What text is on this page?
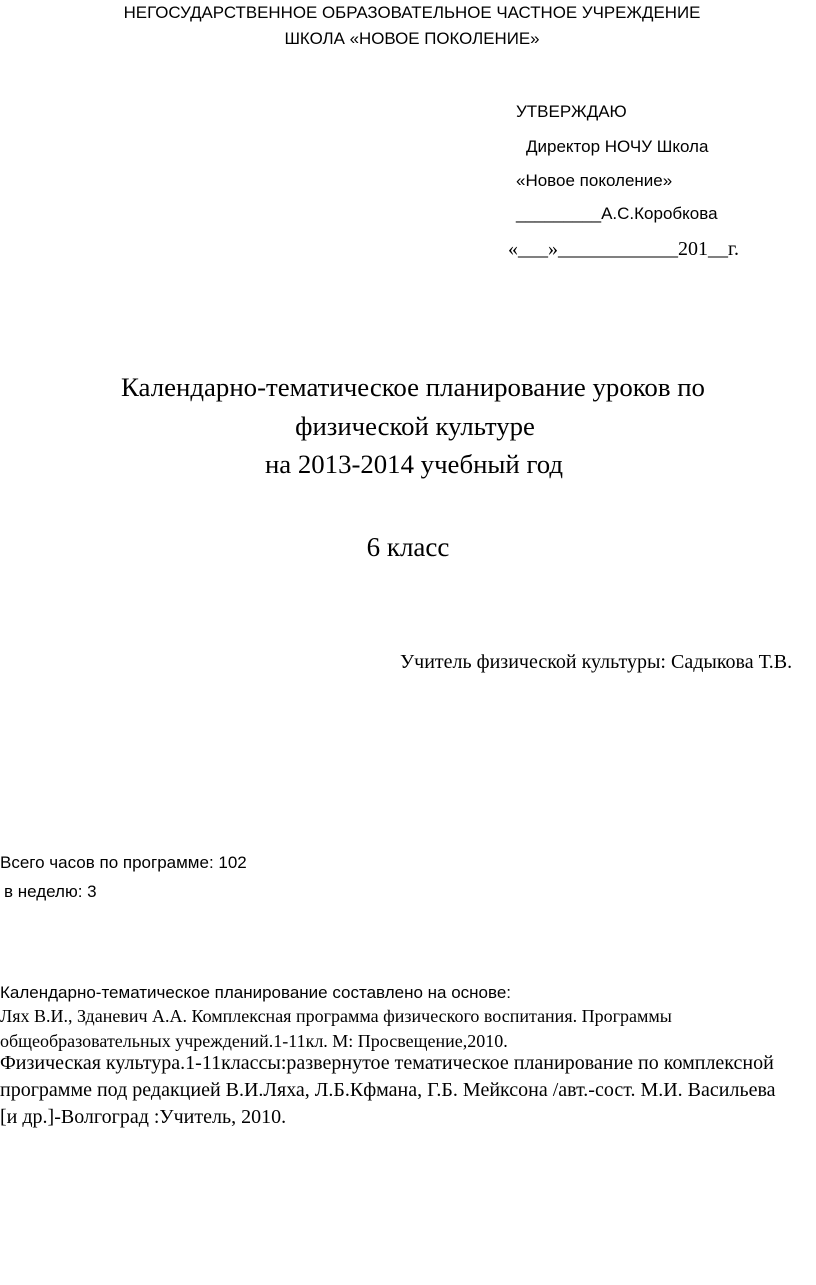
НЕГОСУДАРСТВЕННОЕ ОБРАЗОВАТЕЛЬНОЕ ЧАСТНОЕ УЧРЕЖДЕНИЕ
ШКОЛА «НОВОЕ ПОКОЛЕНИЕ»
УТВЕРЖДАЮ
Директор НОЧУ Школа
«Новое поколение»
_________А.С.Коробкова
«___»____________201__г.
Календарно-тематическое планирование уроков по
физической культуре
на 2013-2014 учебный год
6 класс
Учитель физической культуры: Садыкова Т.В.
Всего часов по программе: 102
в неделю: 3
Календарно-тематическое планирование составлено на основе:
Лях В.И., Зданевич А.А. Комплексная программа физического воспитания. Программы
общеобразовательных учреждений.1-11кл. М: Просвещение,2010.
Физическая культура.1-11классы:развернутое тематическое планирование по комплексной
программе под редакцией В.И.Ляха, Л.Б.Кфмана, Г.Б. Мейксона /авт.-сост. М.И. Васильева
[и др.]-Волгоград :Учитель, 2010.
